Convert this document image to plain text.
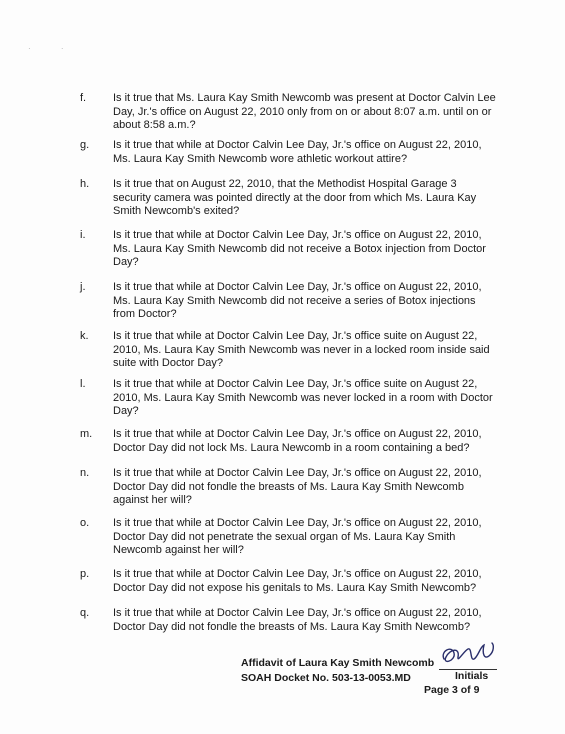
· ·
f. Is it true that Ms. Laura Kay Smith Newcomb was present at Doctor Calvin Lee
Day, Jr.'s office on August 22, 2010 only from on or about 8:07 a.m. until on or
about 8:58 a.m.?
g. Is it true that while at Doctor Calvin Lee Day, Jr.'s office on August 22, 2010,
Ms. Laura Kay Smith Newcomb wore athletic workout attire?
h. Is it true that on August 22, 2010, that the Methodist Hospital Garage 3
security camera was pointed directly at the door from which Ms. Laura Kay
Smith Newcomb's exited?
i.	Is it true that while at Doctor Calvin Lee Day, Jr.'s office on August 22, 2010,
Ms. Laura Kay Smith Newcomb did not receive a Botox injection from Doctor
Day?
j.	Is it true that while at Doctor Calvin Lee Day, Jr.'s office on August 22, 2010,
Ms. Laura Kay Smith Newcomb did not receive a series of Botox injections
from Doctor?
k. Is it true that while at Doctor Calvin Lee Day, Jr.'s office suite on August 22,
2010, Ms. Laura Kay Smith Newcomb was never in a locked room inside said
suite with Doctor Day?
l.	Is it true that while at Doctor Calvin Lee Day, Jr.'s office suite on August 22,
2010, Ms. Laura Kay Smith Newcomb was never locked in a room with Doctor
Day?
m. Is it true that while at Doctor Calvin Lee Day, Jr.'s office on August 22, 2010,
Doctor Day did not lock Ms. Laura Newcomb in a room containing a bed?
n. Is it true that while at Doctor Calvin Lee Day, Jr.'s office on August 22, 2010,
Doctor Day did not fondle the breasts of Ms. Laura Kay Smith Newcomb
against her will?
o. Is it true that while at Doctor Calvin Lee Day, Jr.'s office on August 22, 2010,
Doctor Day did not penetrate the sexual organ of Ms. Laura Kay Smith
Newcomb against her will?
p. Is it true that while at Doctor Calvin Lee Day, Jr.'s office on August 22, 2010,
Doctor Day did not expose his genitals to Ms. Laura Kay Smith Newcomb?
q. Is it true that while at Doctor Calvin Lee Day, Jr.'s office on August 22, 2010,
Doctor Day did not fondle the breasts of Ms. Laura Kay Smith Newcomb?
Affidavit of Laura Kay Smith Newcomb
SOAH Docket No. 503-13-0053.MD	Initials
Page 3 of 9
